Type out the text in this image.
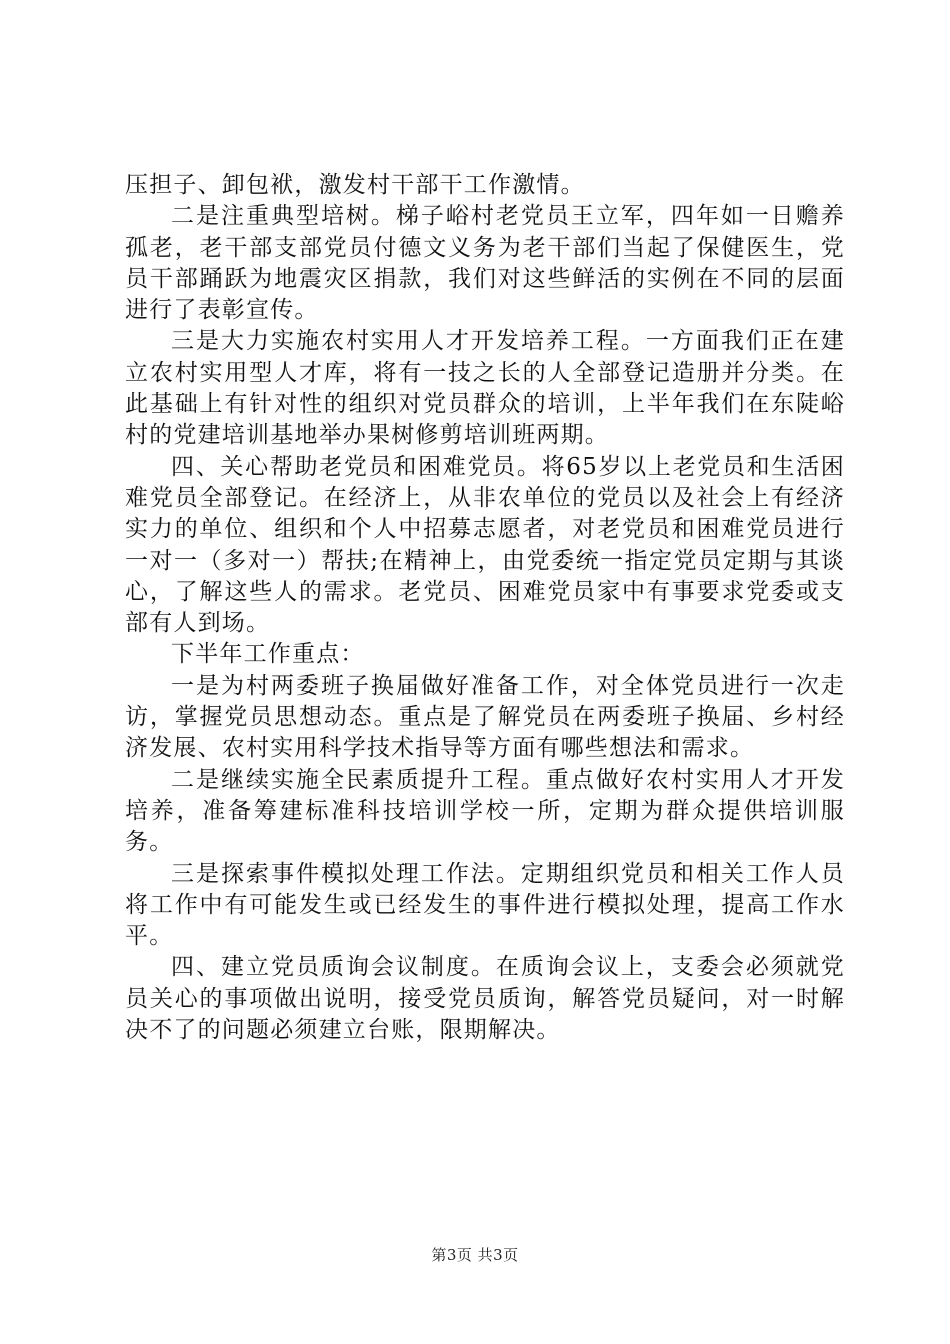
压担子、卸包袱，激发村干部干工作激情。

二是注重典型培树。梯子峪村老党员王立军，四年如一日赡养孤老，老干部支部党员付德文义务为老干部们当起了保健医生，党员干部踊跃为地震灾区捐款，我们对这些鲜活的实例在不同的层面进行了表彰宣传。

三是大力实施农村实用人才开发培养工程。一方面我们正在建立农村实用型人才库，将有一技之长的人全部登记造册并分类。在此基础上有针对性的组织对党员群众的培训，上半年我们在东陡峪村的党建培训基地举办果树修剪培训班两期。

四、关心帮助老党员和困难党员。将65岁以上老党员和生活困难党员全部登记。在经济上，从非农单位的党员以及社会上有经济实力的单位、组织和个人中招募志愿者，对老党员和困难党员进行一对一（多对一）帮扶;在精神上，由党委统一指定党员定期与其谈心，了解这些人的需求。老党员、困难党员家中有事要求党委或支部有人到场。

下半年工作重点：

一是为村两委班子换届做好准备工作，对全体党员进行一次走访，掌握党员思想动态。重点是了解党员在两委班子换届、乡村经济发展、农村实用科学技术指导等方面有哪些想法和需求。

二是继续实施全民素质提升工程。重点做好农村实用人才开发培养，准备筹建标准科技培训学校一所，定期为群众提供培训服务。

三是探索事件模拟处理工作法。定期组织党员和相关工作人员将工作中有可能发生或已经发生的事件进行模拟处理，提高工作水平。

四、建立党员质询会议制度。在质询会议上，支委会必须就党员关心的事项做出说明，接受党员质询，解答党员疑问，对一时解决不了的问题必须建立台账，限期解决。

第3页 共3页
